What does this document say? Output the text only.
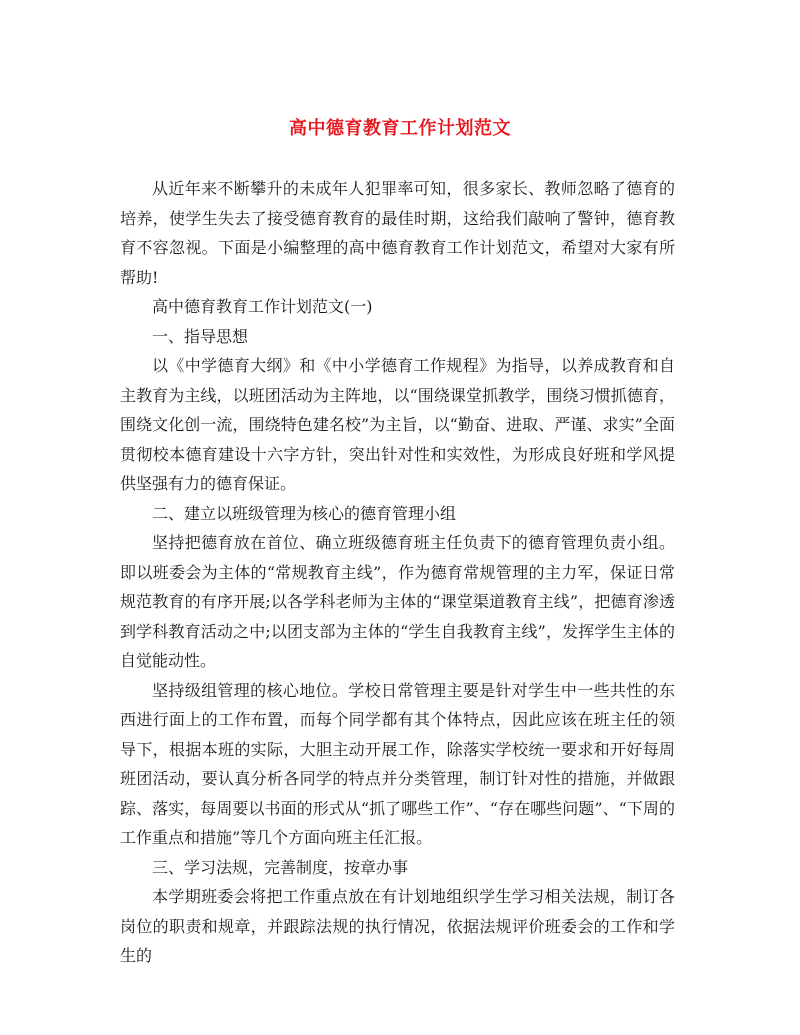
高中德育教育工作计划范文

从近年来不断攀升的未成年人犯罪率可知，很多家长、教师忽略了德育的培养，使学生失去了接受德育教育的最佳时期，这给我们敲响了警钟，德育教育不容忽视。下面是小编整理的高中德育教育工作计划范文，希望对大家有所帮助!

高中德育教育工作计划范文(一)

一、指导思想

以《中学德育大纲》和《中小学德育工作规程》为指导，以养成教育和自主教育为主线，以班团活动为主阵地，以“围绕课堂抓教学，围绕习惯抓德育，围绕文化创一流，围绕特色建名校”为主旨，以“勤奋、进取、严谨、求实”全面贯彻校本德育建设十六字方针，突出针对性和实效性，为形成良好班和学风提供坚强有力的德育保证。

二、建立以班级管理为核心的德育管理小组

坚持把德育放在首位、确立班级德育班主任负责下的德育管理负责小组。即以班委会为主体的“常规教育主线”，作为德育常规管理的主力军，保证日常规范教育的有序开展;以各学科老师为主体的“课堂渠道教育主线”，把德育渗透到学科教育活动之中;以团支部为主体的“学生自我教育主线”，发挥学生主体的自觉能动性。

坚持级组管理的核心地位。学校日常管理主要是针对学生中一些共性的东西进行面上的工作布置，而每个同学都有其个体特点，因此应该在班主任的领导下，根据本班的实际，大胆主动开展工作，除落实学校统一要求和开好每周班团活动，要认真分析各同学的特点并分类管理，制订针对性的措施，并做跟踪、落实，每周要以书面的形式从“抓了哪些工作”、“存在哪些问题”、“下周的工作重点和措施”等几个方面向班主任汇报。

三、学习法规，完善制度，按章办事

本学期班委会将把工作重点放在有计划地组织学生学习相关法规，制订各岗位的职责和规章，并跟踪法规的执行情况，依据法规评价班委会的工作和学生的
